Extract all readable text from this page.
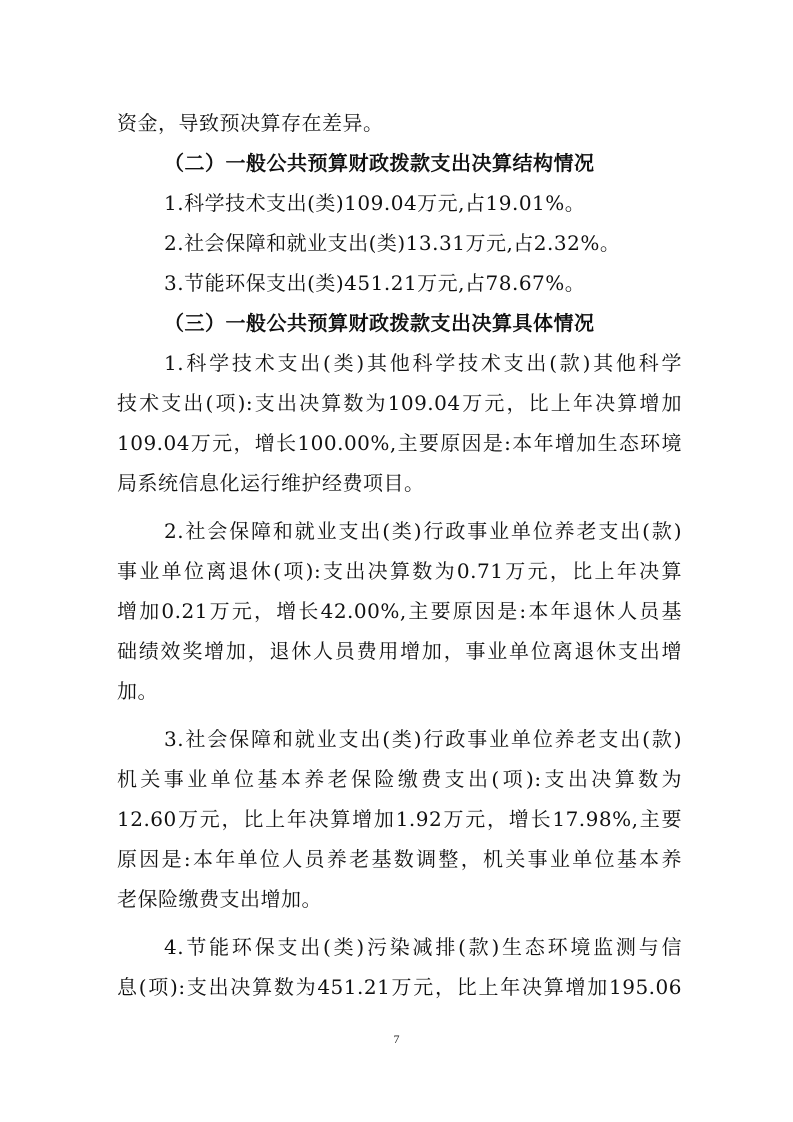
资金，导致预决算存在差异。
（二）一般公共预算财政拨款支出决算结构情况
1.科学技术支出(类)109.04万元,占19.01%。
2.社会保障和就业支出(类)13.31万元,占2.32%。
3.节能环保支出(类)451.21万元,占78.67%。
（三）一般公共预算财政拨款支出决算具体情况
1.科学技术支出(类)其他科学技术支出(款)其他科学
技术支出(项):支出决算数为109.04万元，比上年决算增加
109.04万元，增长100.00%,主要原因是:本年增加生态环境
局系统信息化运行维护经费项目。
2.社会保障和就业支出(类)行政事业单位养老支出(款)
事业单位离退休(项):支出决算数为0.71万元，比上年决算
增加0.21万元，增长42.00%,主要原因是:本年退休人员基
础绩效奖增加，退休人员费用增加，事业单位离退休支出增
加。
3.社会保障和就业支出(类)行政事业单位养老支出(款)
机关事业单位基本养老保险缴费支出(项):支出决算数为
12.60万元，比上年决算增加1.92万元，增长17.98%,主要
原因是:本年单位人员养老基数调整，机关事业单位基本养
老保险缴费支出增加。
4.节能环保支出(类)污染减排(款)生态环境监测与信
息(项):支出决算数为451.21万元，比上年决算增加195.06
7
